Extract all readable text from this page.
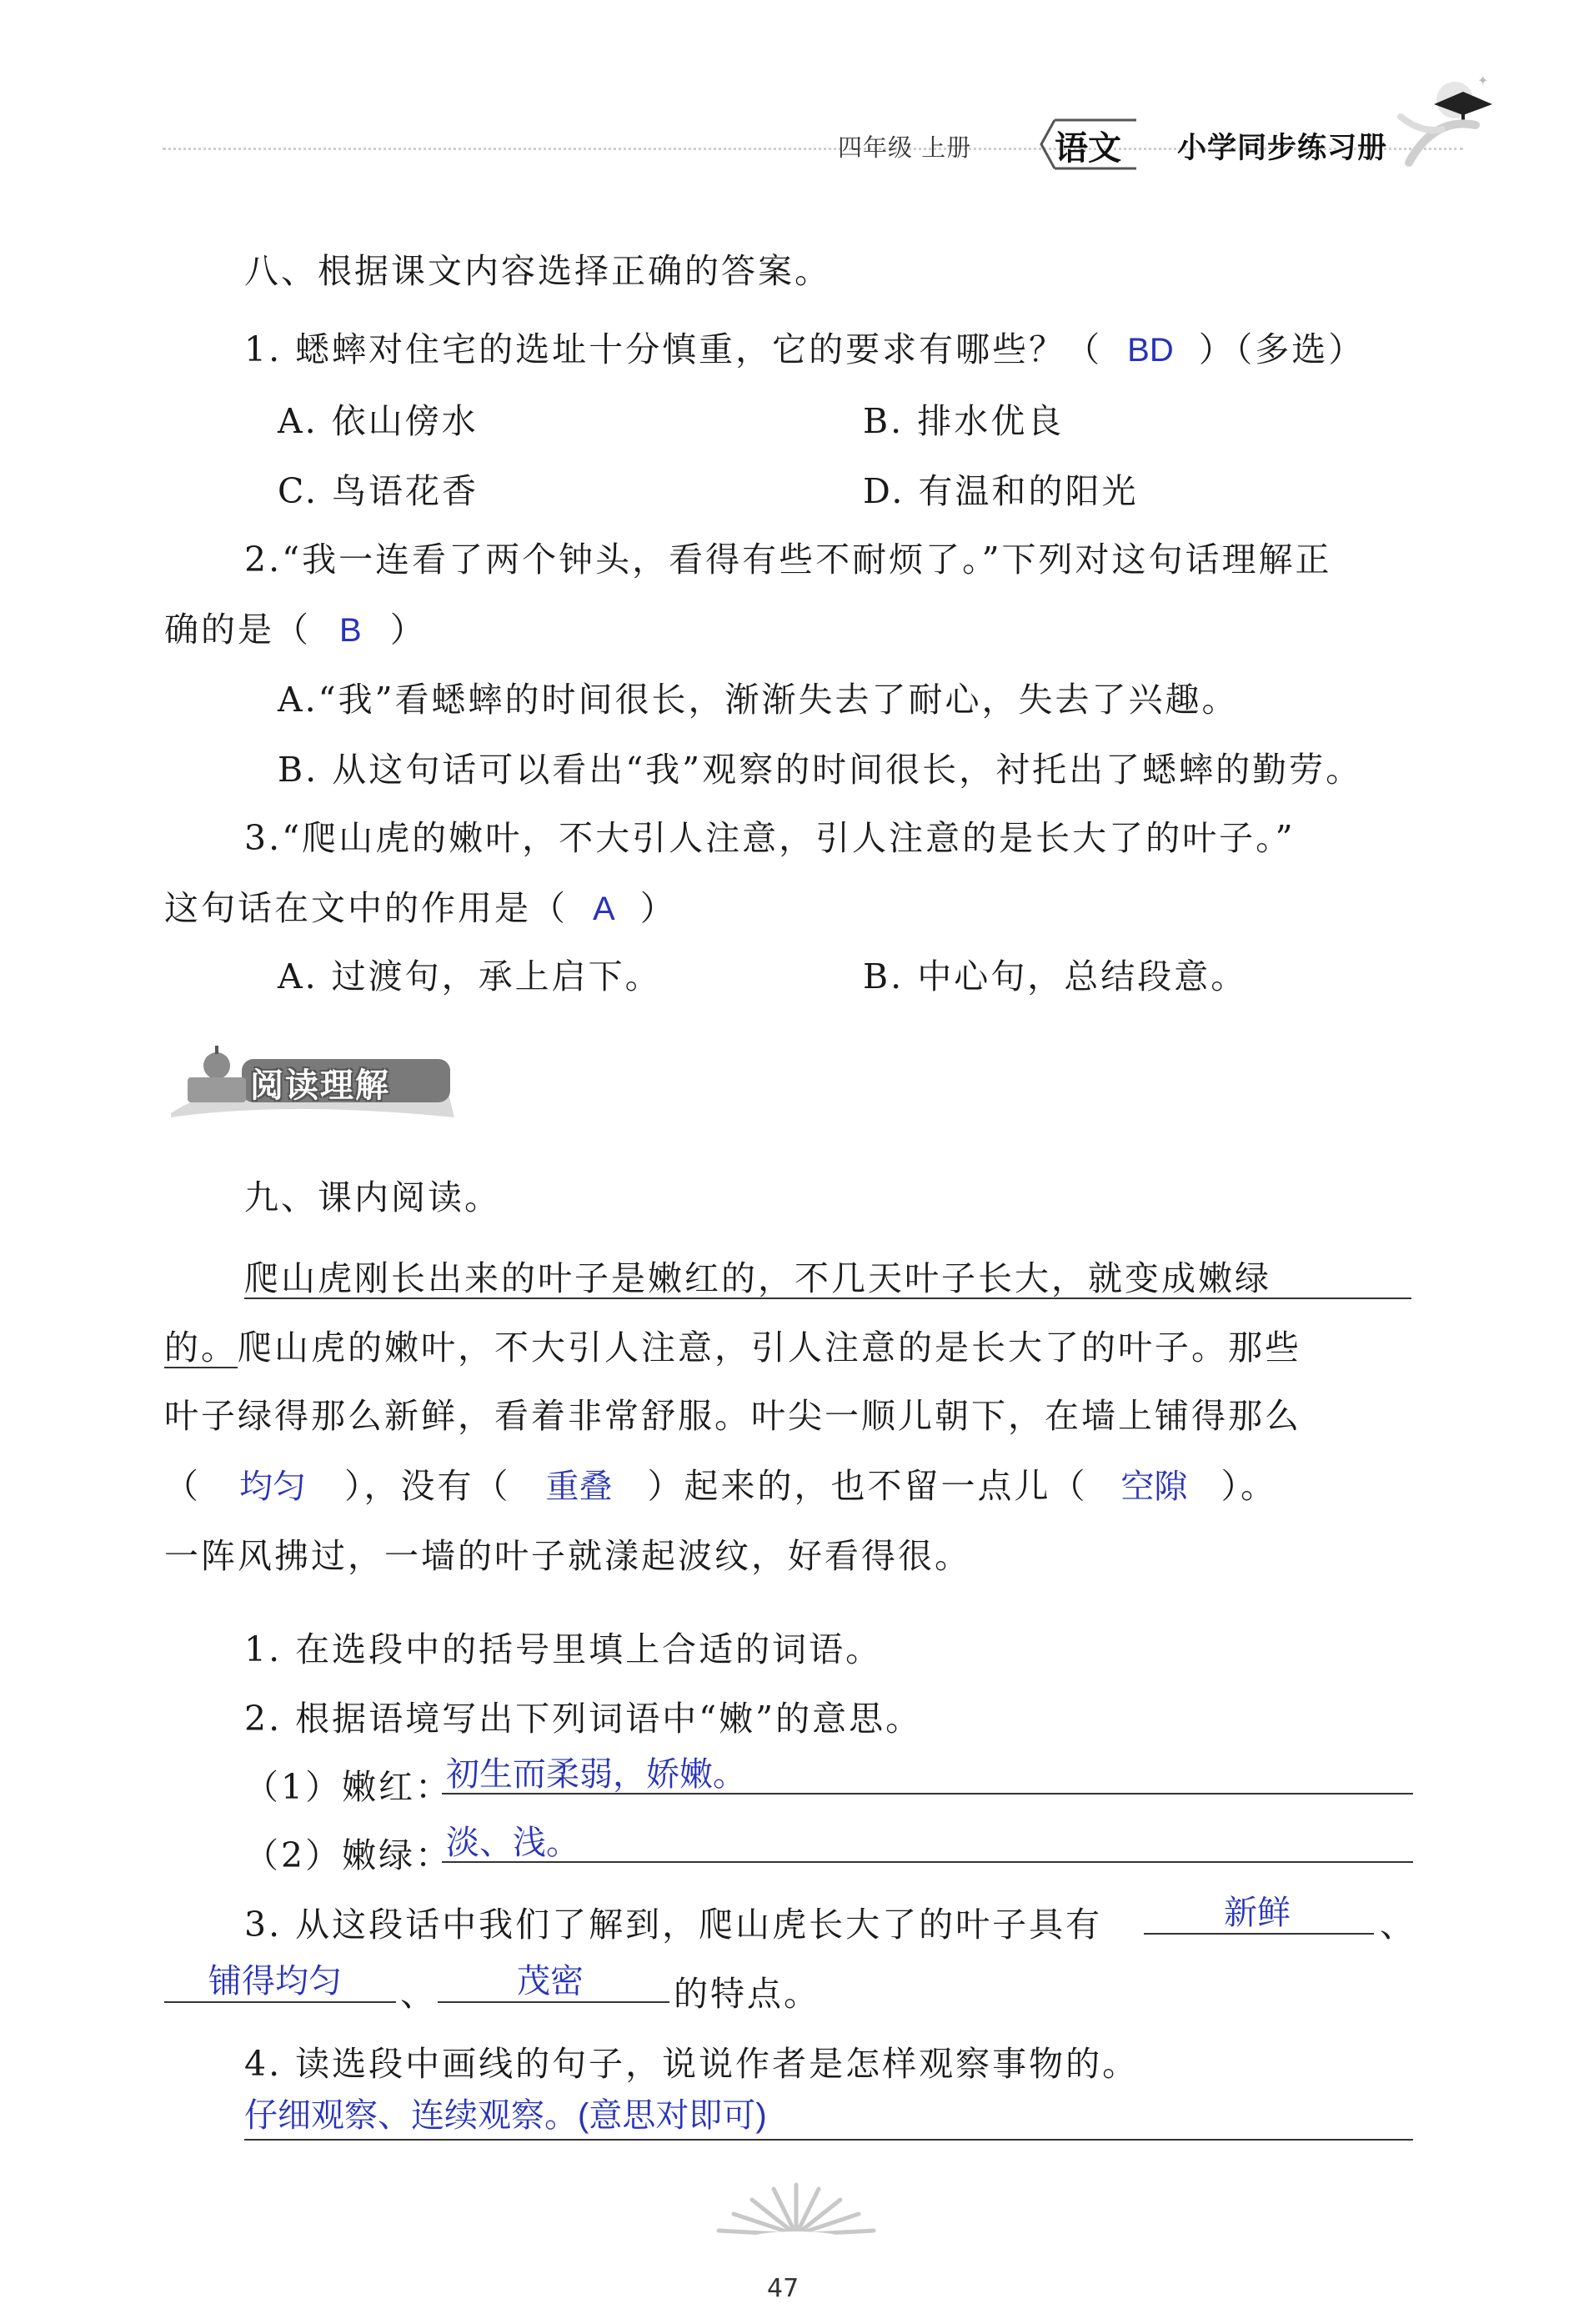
四年级 上册 语文 小学同步练习册
✦
八、根据课文内容选择正确的答案。
1. 蟋蟀对住宅的选址十分慎重，它的要求有哪些？（ BD ）（多选）
A. 依山傍水	B. 排水优良
C. 鸟语花香	D. 有温和的阳光
2.“我一连看了两个钟头，看得有些不耐烦了。”下列对这句话理解正
确的是（ B ）
A.“我”看蟋蟀的时间很长，渐渐失去了耐心，失去了兴趣。
B. 从这句话可以看出“我”观察的时间很长，衬托出了蟋蟀的勤劳。
3.“爬山虎的嫩叶，不大引人注意，引人注意的是长大了的叶子。”
这句话在文中的作用是（ A ）
A. 过渡句，承上启下。	B. 中心句，总结段意。
阅读理解
九、课内阅读。
爬山虎刚长出来的叶子是嫩红的，不几天叶子长大，就变成嫩绿
的。爬山虎的嫩叶，不大引人注意，引人注意的是长大了的叶子。那些
叶子绿得那么新鲜，看着非常舒服。叶尖一顺儿朝下，在墙上铺得那么
（ 均匀 ），没有（ 重叠 ）起来的，也不留一点儿（ 空隙 ）。
一阵风拂过，一墙的叶子就漾起波纹，好看得很。
1. 在选段中的括号里填上合适的词语。
2. 根据语境写出下列词语中“嫩”的意思。
（1）嫩红：
初生而柔弱，娇嫩。
（2）嫩绿：
淡、浅。
3. 从这段话中我们了解到，爬山虎长大了的叶子具有	新鲜	、
铺得均匀 、 茂密	的特点。
4. 读选段中画线的句子，说说作者是怎样观察事物的。
仔细观察、连续观察。(意思对即可)
47
